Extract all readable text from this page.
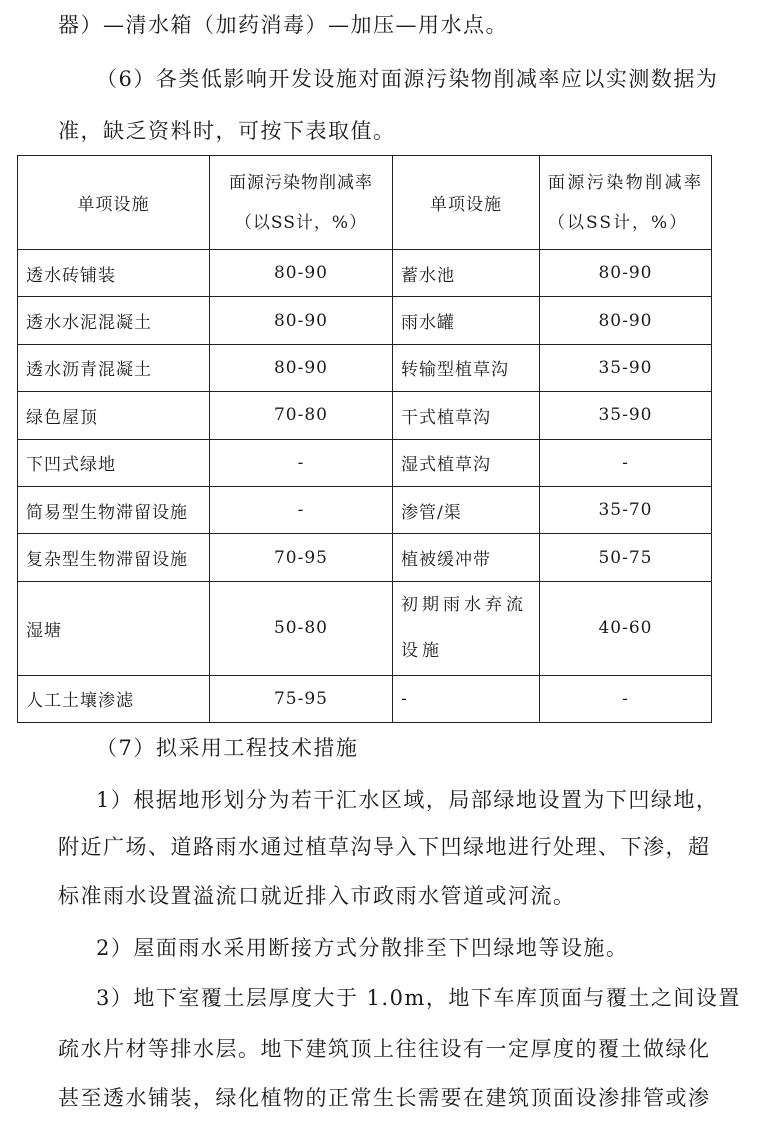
器）—清水箱（加药消毒）—加压—用水点。

（6）各类低影响开发设施对面源污染物削减率应以实测数据为

准，缺乏资料时，可按下表取值。

单项设施	面源污染物削减率（以SS计，%）	单项设施	面源污染物削减率（以SS计，%）
透水砖铺装	80-90	蓄水池	80-90
透水水泥混凝土	80-90	雨水罐	80-90
透水沥青混凝土	80-90	转输型植草沟	35-90
绿色屋顶	70-80	干式植草沟	35-90
下凹式绿地	-	湿式植草沟	-
简易型生物滞留设施	-	渗管/渠	35-70
复杂型生物滞留设施	70-95	植被缓冲带	50-75
湿塘	50-80	初期雨水弃流设施	40-60
人工土壤渗滤	75-95	-	-

（7）拟采用工程技术措施

1）根据地形划分为若干汇水区域，局部绿地设置为下凹绿地，

附近广场、道路雨水通过植草沟导入下凹绿地进行处理、下渗，超

标准雨水设置溢流口就近排入市政雨水管道或河流。

2）屋面雨水采用断接方式分散排至下凹绿地等设施。

3）地下室覆土层厚度大于 1.0m，地下车库顶面与覆土之间设置

疏水片材等排水层。地下建筑顶上往往设有一定厚度的覆土做绿化

甚至透水铺装，绿化植物的正常生长需要在建筑顶面设渗排管或渗
